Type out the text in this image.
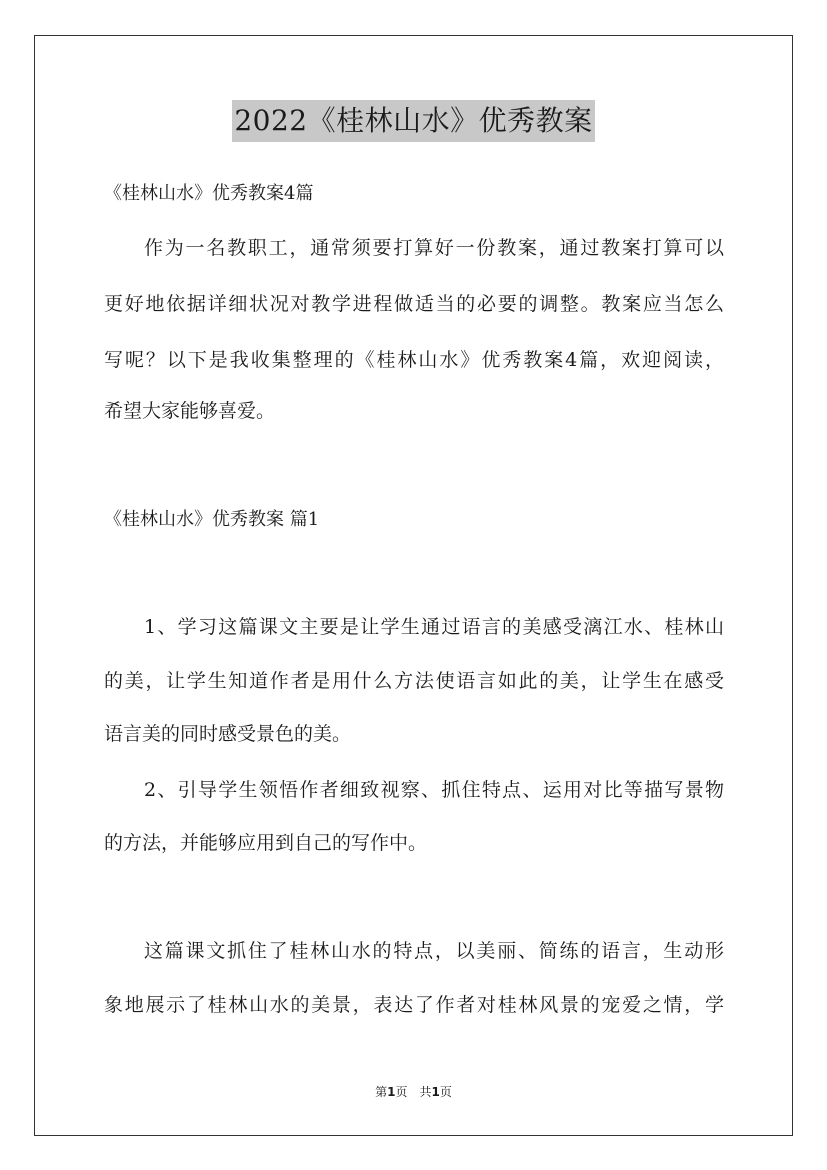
2022《桂林山水》优秀教案
《桂林山水》优秀教案4篇
作为一名教职工，通常须要打算好一份教案，通过教案打算可以
更好地依据详细状况对教学进程做适当的必要的调整。教案应当怎么
写呢？以下是我收集整理的《桂林山水》优秀教案4篇，欢迎阅读，
希望大家能够喜爱。
《桂林山水》优秀教案 篇1
1、学习这篇课文主要是让学生通过语言的美感受漓江水、桂林山
的美，让学生知道作者是用什么方法使语言如此的美，让学生在感受
语言美的同时感受景色的美。
2、引导学生领悟作者细致视察、抓住特点、运用对比等描写景物
的方法，并能够应用到自己的写作中。
这篇课文抓住了桂林山水的特点，以美丽、简练的语言，生动形
象地展示了桂林山水的美景，表达了作者对桂林风景的宠爱之情，学
第1页　共1页
